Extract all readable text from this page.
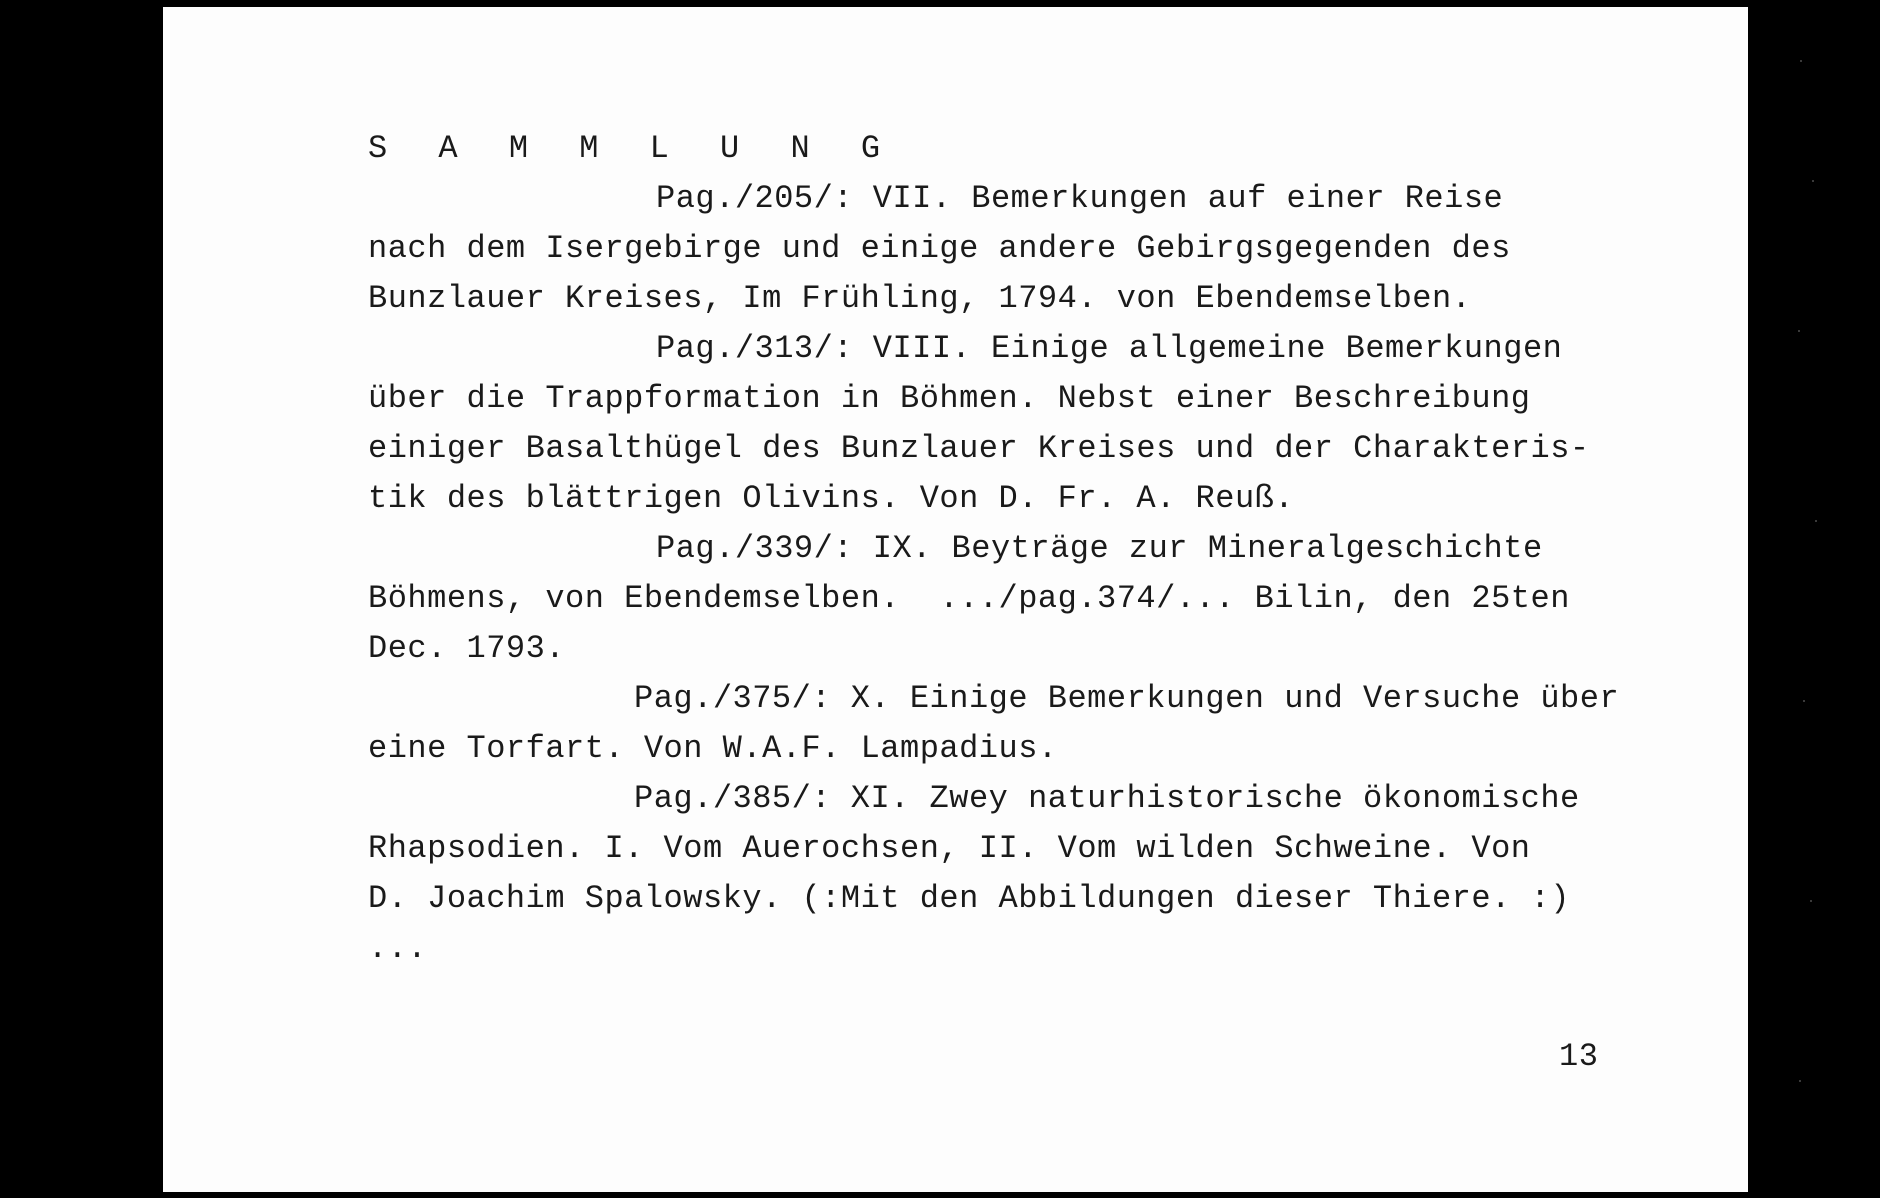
S A M M L U N G
Pag./205/: VII. Bemerkungen auf einer Reise
nach dem Isergebirge und einige andere Gebirgsgegenden des
Bunzlauer Kreises, Im Frühling, 1794. von Ebendemselben.
Pag./313/: VIII. Einige allgemeine Bemerkungen
über die Trappformation in Böhmen. Nebst einer Beschreibung
einiger Basalthügel des Bunzlauer Kreises und der Charakteris-
tik des blättrigen Olivins. Von D. Fr. A. Reuß.
Pag./339/: IX. Beyträge zur Mineralgeschichte
Böhmens, von Ebendemselben.  .../pag.374/... Bilin, den 25ten
Dec. 1793.
Pag./375/: X. Einige Bemerkungen und Versuche über
eine Torfart. Von W.A.F. Lampadius.
Pag./385/: XI. Zwey naturhistorische ökonomische
Rhapsodien. I. Vom Auerochsen, II. Vom wilden Schweine. Von
D. Joachim Spalowsky. (:Mit den Abbildungen dieser Thiere. :)
...
13
